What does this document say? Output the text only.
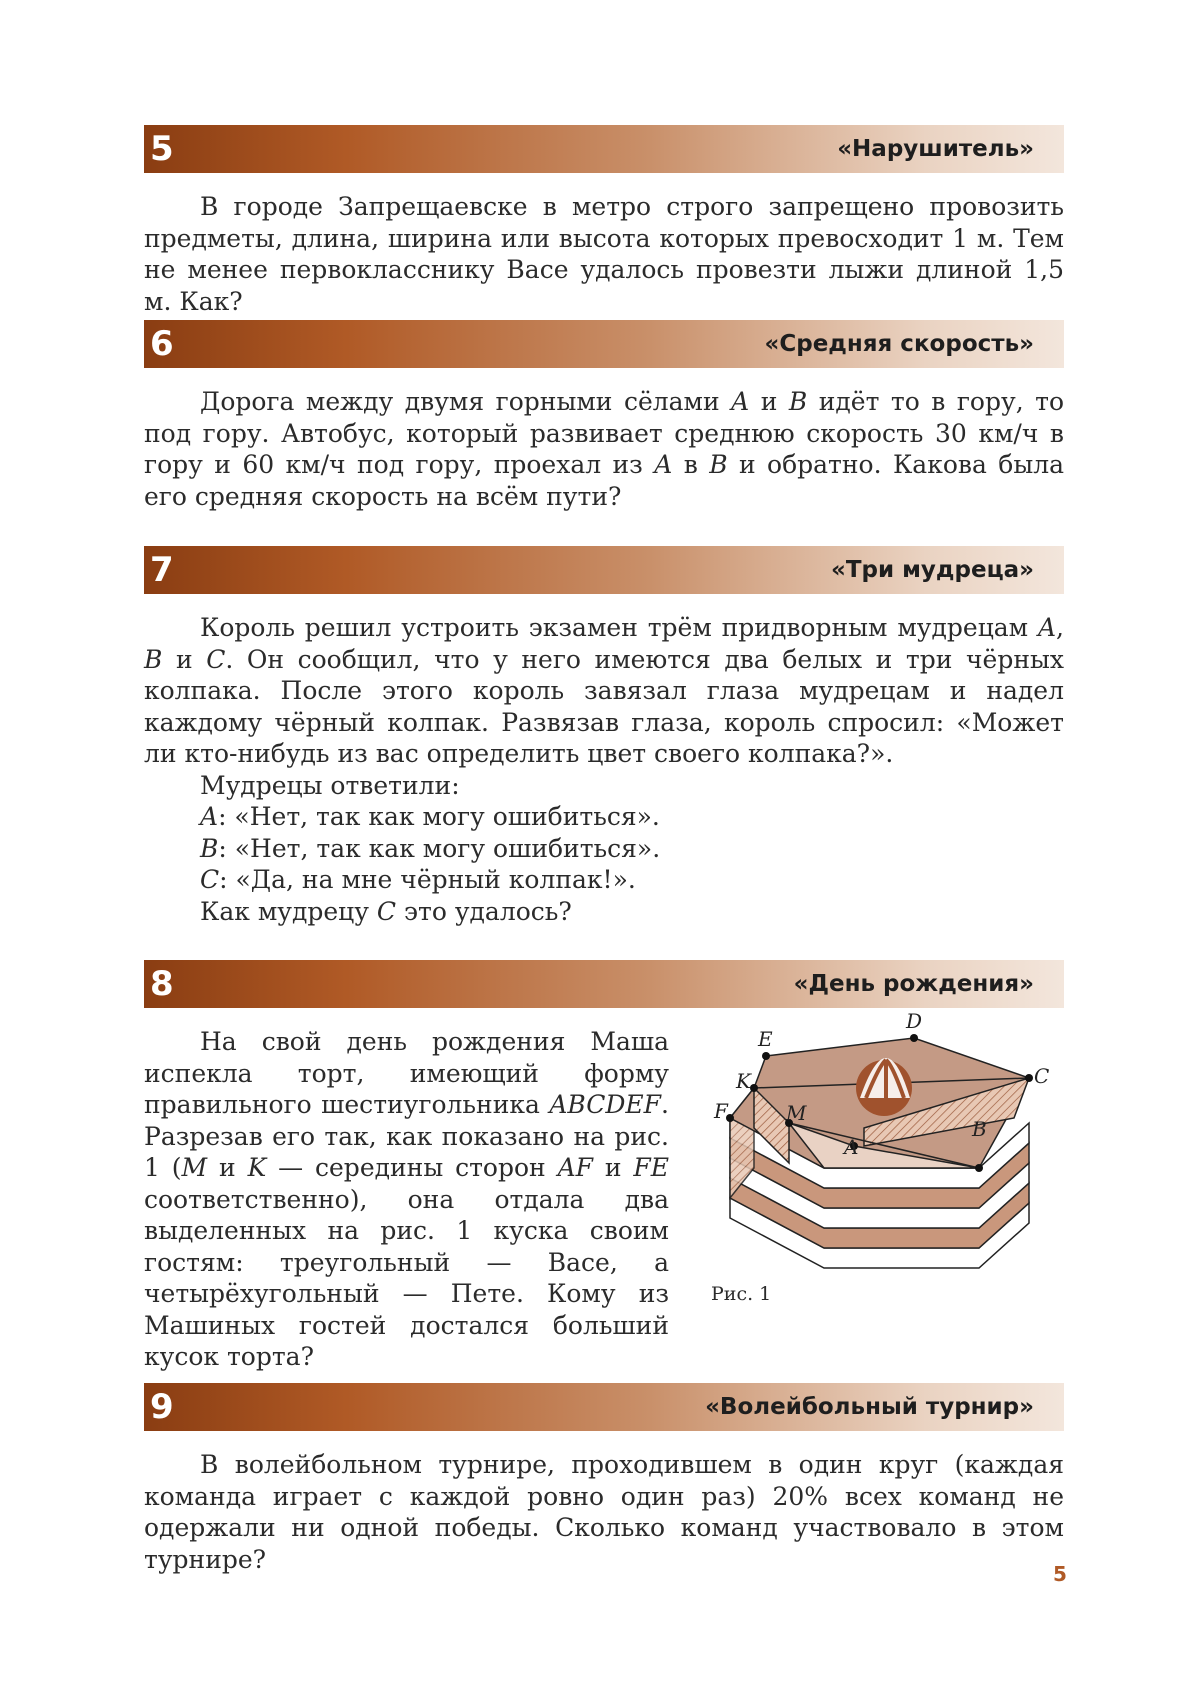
5	«Нарушитель»

В городе Запрещаевске в метро строго запрещено провозить предметы, длина, ширина или высота которых превосходит 1 м. Тем не менее первокласснику Васе удалось провезти лыжи длиной 1,5 м. Как?

6	«Средняя скорость»

Дорога между двумя горными сёлами A и B идёт то в гору, то под гору. Автобус, который развивает среднюю скорость 30 км/ч в гору и 60 км/ч под гору, проехал из A в B и обратно. Какова была его средняя скорость на всём пути?

7	«Три мудреца»

Король решил устроить экзамен трём придворным мудрецам A, B и C. Он сообщил, что у него имеются два белых и три чёрных колпака. После этого король завязал глаза мудрецам и надел каждому чёрный колпак. Развязав глаза, король спросил: «Может ли кто-нибудь из вас определить цвет своего колпака?».

Мудрецы ответили:
A: «Нет, так как могу ошибиться».
B: «Нет, так как могу ошибиться».
C: «Да, на мне чёрный колпак!».
Как мудрецу C это удалось?
8	«День рождения»

На свой день рождения Маша испекла торт, имеющий форму правильного шестиугольника ABCDEF. Разрезав его так, как показано на рис. 1 (M и K — середины сторон AF и FE соответственно), она отдала два выделенных на рис. 1 куска своим гостям: треугольный — Васе, а четырёхугольный — Пете. Кому из Машиных гостей достался больший кусок торта?

D
E
C
K
F	M
B
A
Рис. 1
9	«Волейбольный турнир»

В волейбольном турнире, проходившем в один круг (каждая команда играет с каждой ровно один раз) 20% всех команд не одержали ни одной победы. Сколько команд участвовало в этом турнире?

5
